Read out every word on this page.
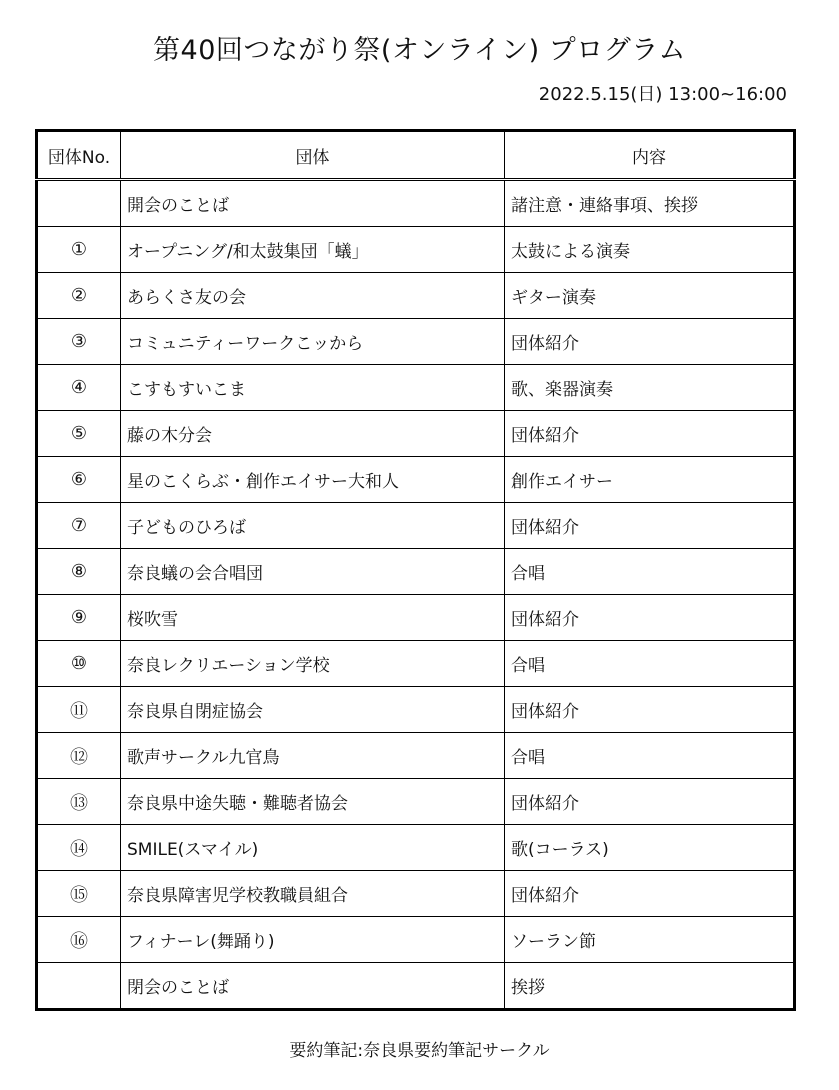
第40回つながり祭(オンライン) プログラム
2022.5.15(日) 13:00~16:00
団体No.	団体	内容
	開会のことば	諸注意・連絡事項、挨拶
①	オープニング/和太鼓集団「蟻」	太鼓による演奏
②	あらくさ友の会	ギター演奏
③	コミュニティーワークこッから	団体紹介
④	こすもすいこま	歌、楽器演奏
⑤	藤の木分会	団体紹介
⑥	星のこくらぶ・創作エイサー大和人	創作エイサー
⑦	子どものひろば	団体紹介
⑧	奈良蟻の会合唱団	合唱
⑨	桜吹雪	団体紹介
⑩	奈良レクリエーション学校	合唱
⑪	奈良県自閉症協会	団体紹介
⑫	歌声サークル九官鳥	合唱
⑬	奈良県中途失聴・難聴者協会	団体紹介
⑭	SMILE(スマイル)	歌(コーラス)
⑮	奈良県障害児学校教職員組合	団体紹介
⑯	フィナーレ(舞踊り)	ソーラン節
	閉会のことば	挨拶
要約筆記:奈良県要約筆記サークル
